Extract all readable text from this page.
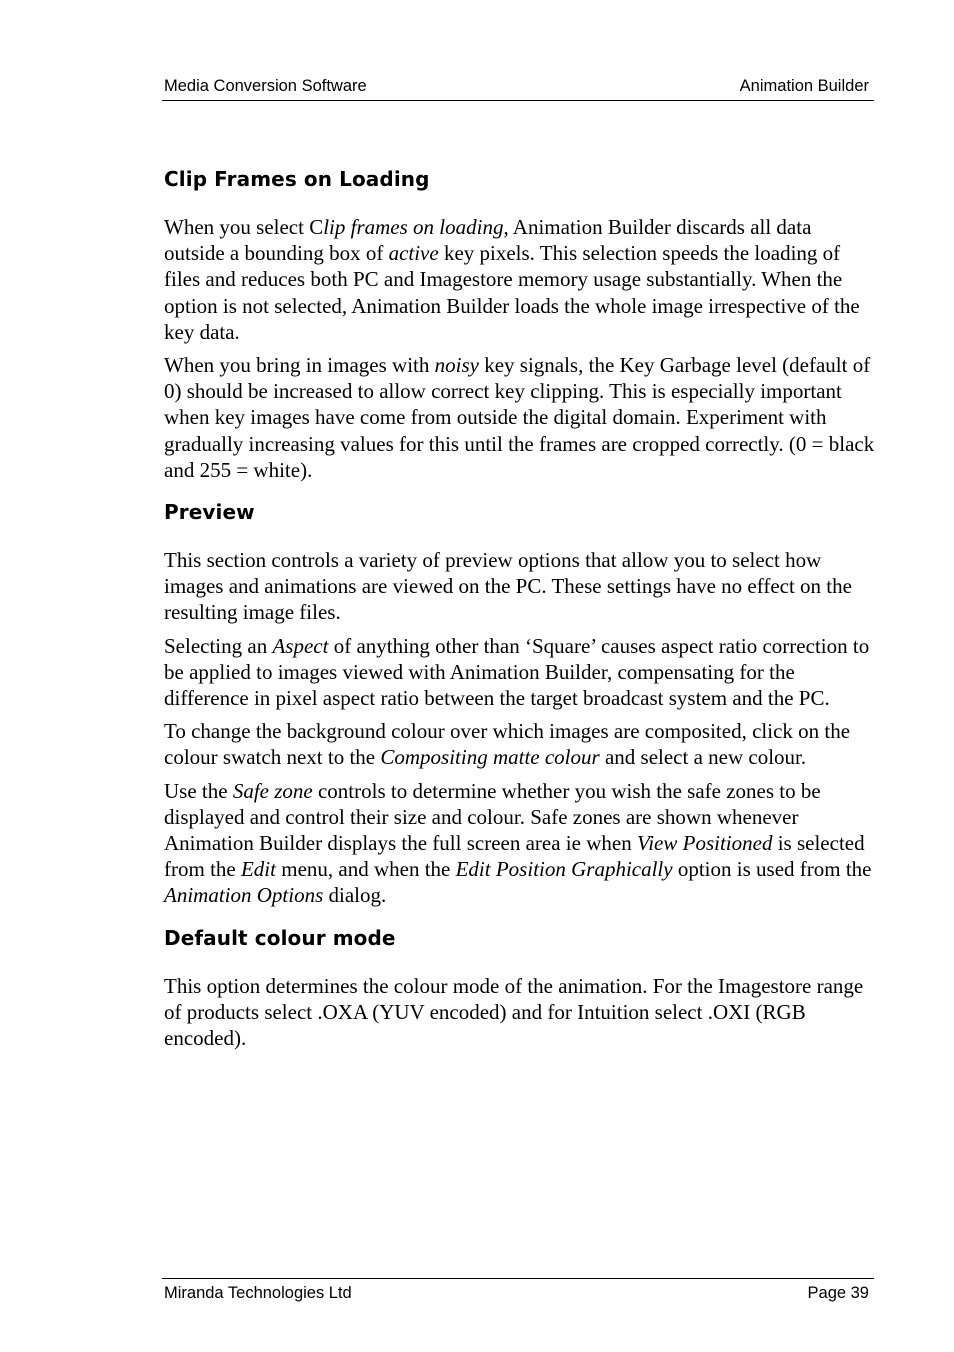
Media Conversion Software	Animation Builder
Clip Frames on Loading

When you select Clip frames on loading, Animation Builder discards all data outside a bounding box of active key pixels. This selection speeds the loading of files and reduces both PC and Imagestore memory usage substantially. When the option is not selected, Animation Builder loads the whole image irrespective of the key data.

When you bring in images with noisy key signals, the Key Garbage level (default of 0) should be increased to allow correct key clipping. This is especially important when key images have come from outside the digital domain. Experiment with gradually increasing values for this until the frames are cropped correctly. (0 = black and 255 = white).

Preview

This section controls a variety of preview options that allow you to select how images and animations are viewed on the PC. These settings have no effect on the resulting image files.

Selecting an Aspect of anything other than ‘Square’ causes aspect ratio correction to be applied to images viewed with Animation Builder, compensating for the difference in pixel aspect ratio between the target broadcast system and the PC.

To change the background colour over which images are composited, click on the colour swatch next to the Compositing matte colour and select a new colour.

Use the Safe zone controls to determine whether you wish the safe zones to be displayed and control their size and colour. Safe zones are shown whenever Animation Builder displays the full screen area ie when View Positioned is selected from the Edit menu, and when the Edit Position Graphically option is used from the Animation Options dialog.

Default colour mode

This option determines the colour mode of the animation. For the Imagestore range of products select .OXA (YUV encoded) and for Intuition select .OXI (RGB encoded).

Miranda Technologies Ltd	Page 39
